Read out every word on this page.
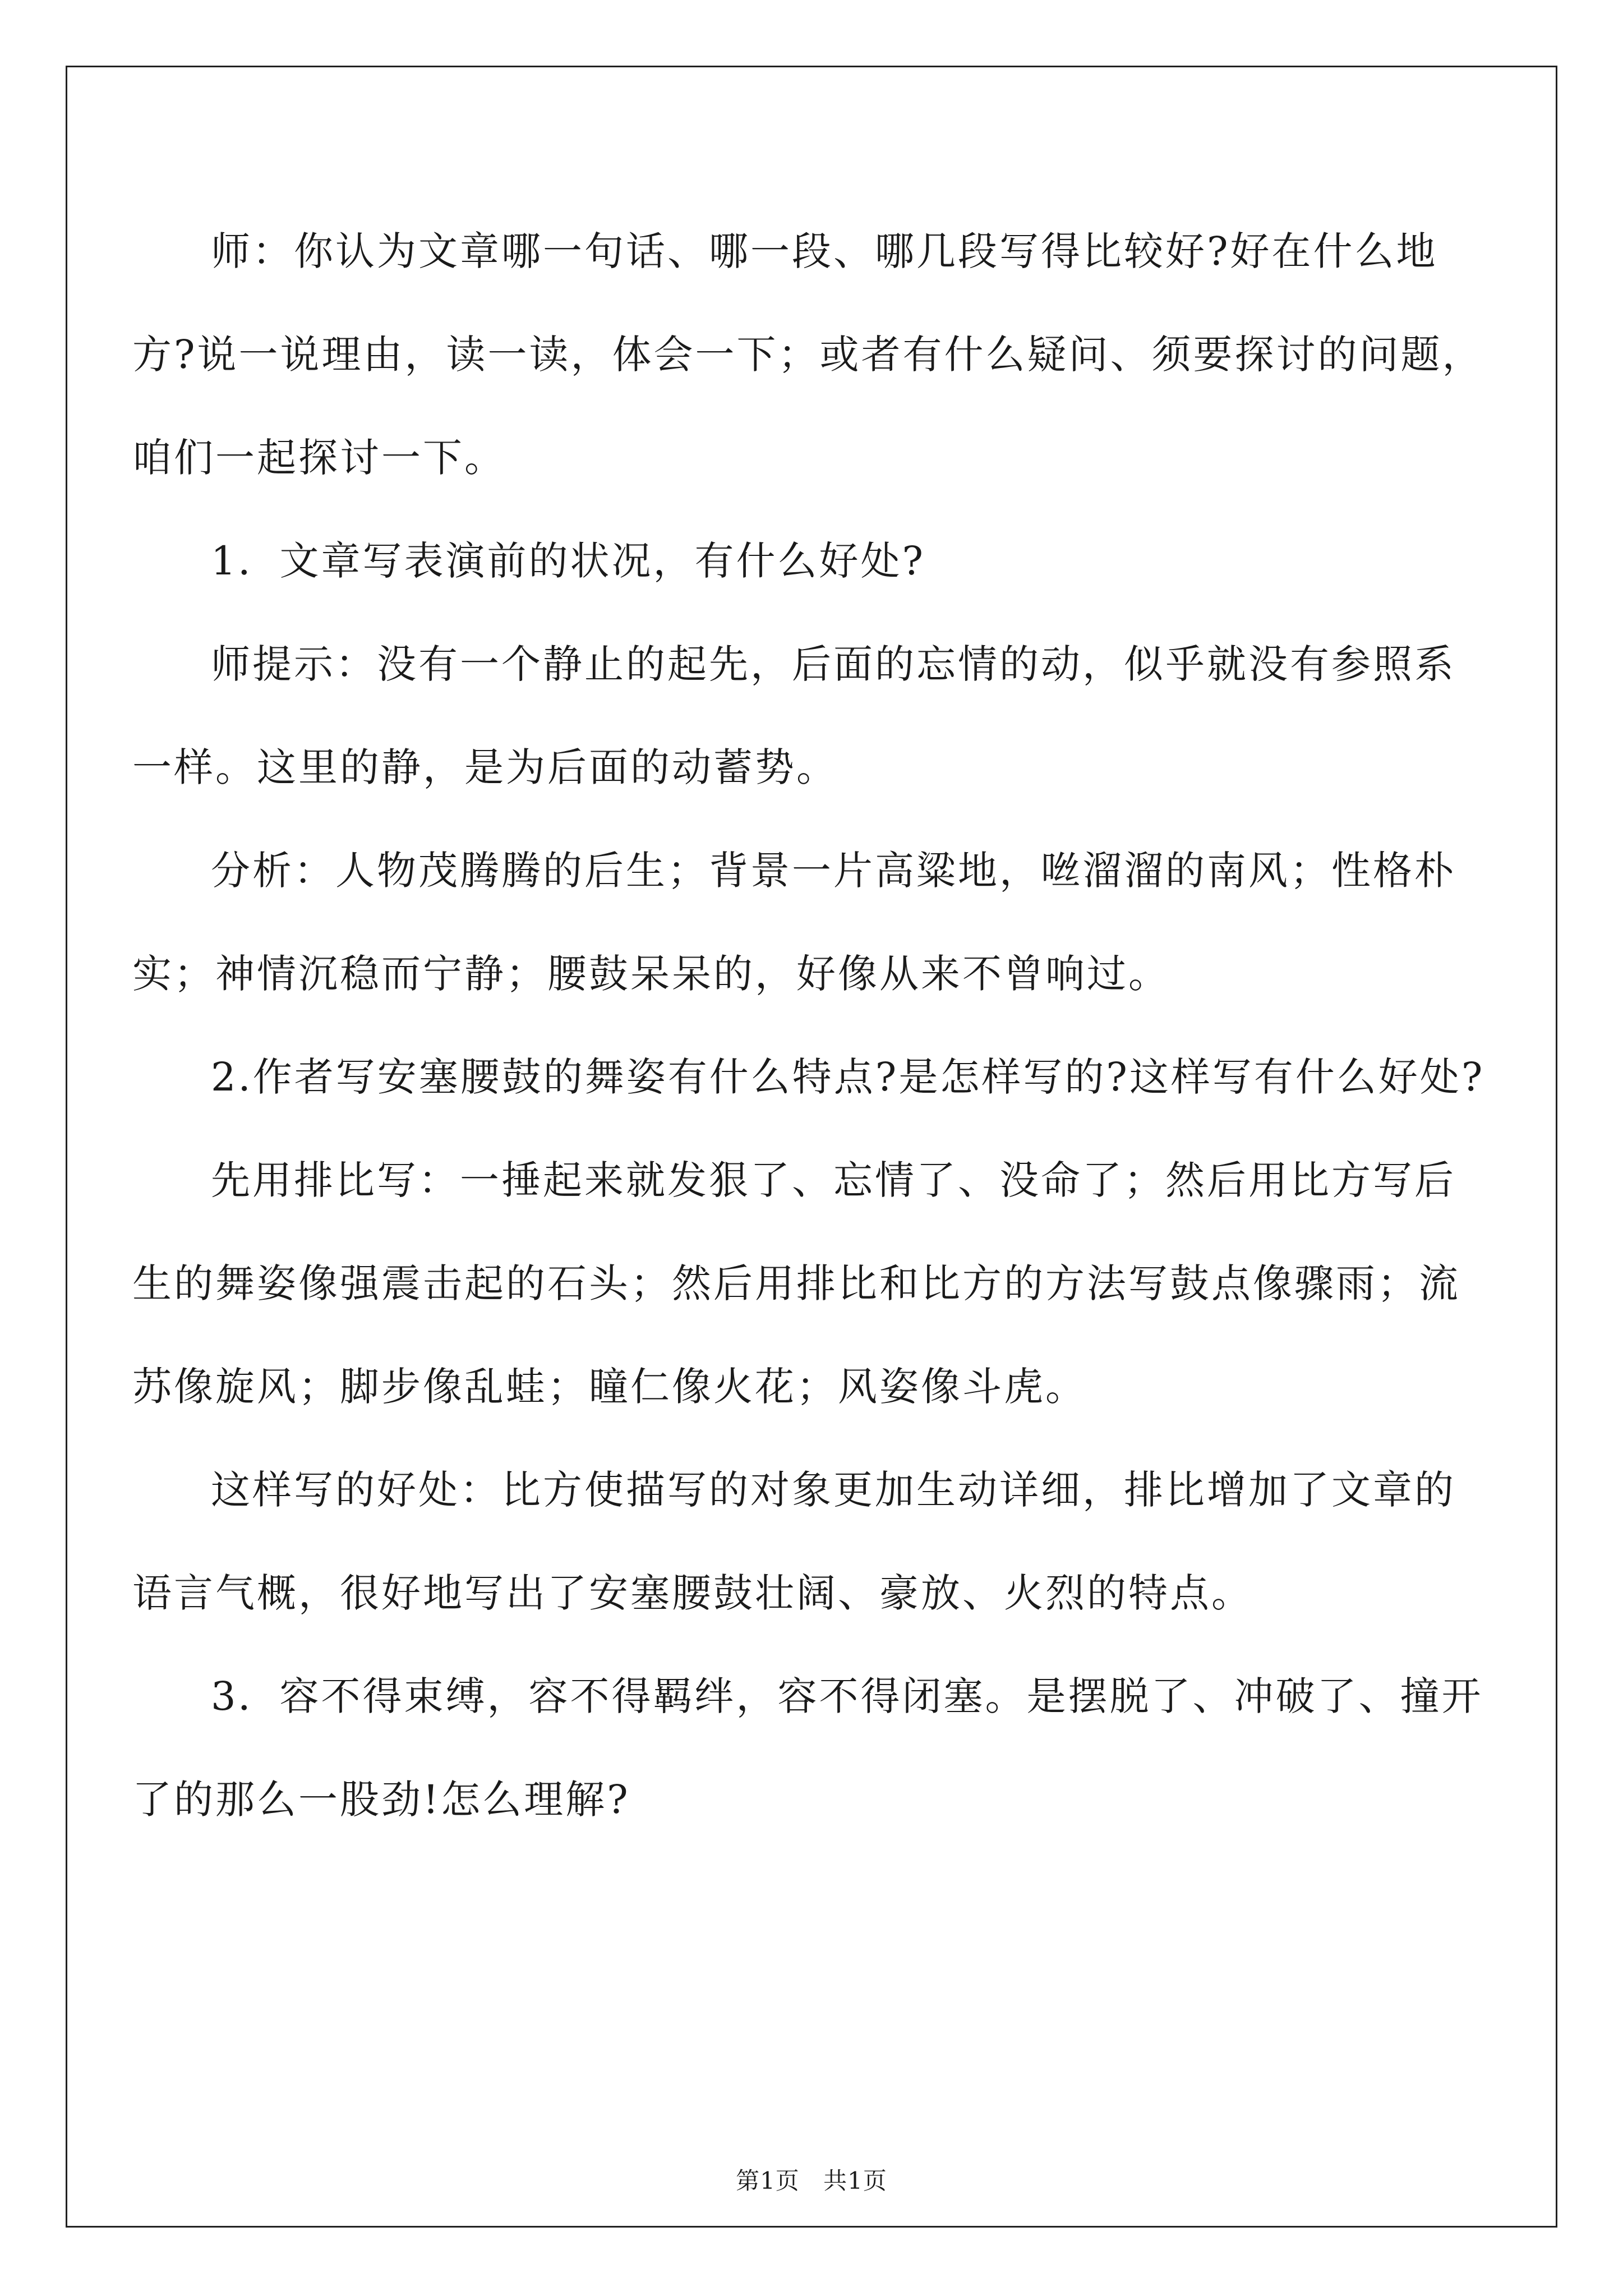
师：你认为文章哪一句话、哪一段、哪几段写得比较好?好在什么地方?说一说理由，读一读，体会一下；或者有什么疑问、须要探讨的问题，咱们一起探讨一下。

1．文章写表演前的状况，有什么好处?

师提示：没有一个静止的起先，后面的忘情的动，似乎就没有参照系一样。这里的静，是为后面的动蓄势。

分析：人物茂腾腾的后生；背景一片高粱地，咝溜溜的南风；性格朴实；神情沉稳而宁静；腰鼓呆呆的，好像从来不曾响过。

2.作者写安塞腰鼓的舞姿有什么特点?是怎样写的?这样写有什么好处?

先用排比写：一捶起来就发狠了、忘情了、没命了；然后用比方写后生的舞姿像强震击起的石头；然后用排比和比方的方法写鼓点像骤雨；流苏像旋风；脚步像乱蛙；瞳仁像火花；风姿像斗虎。

这样写的好处：比方使描写的对象更加生动详细，排比增加了文章的语言气概，很好地写出了安塞腰鼓壮阔、豪放、火烈的特点。

3．容不得束缚，容不得羁绊，容不得闭塞。是摆脱了、冲破了、撞开了的那么一股劲!怎么理解?

第1页 共1页
